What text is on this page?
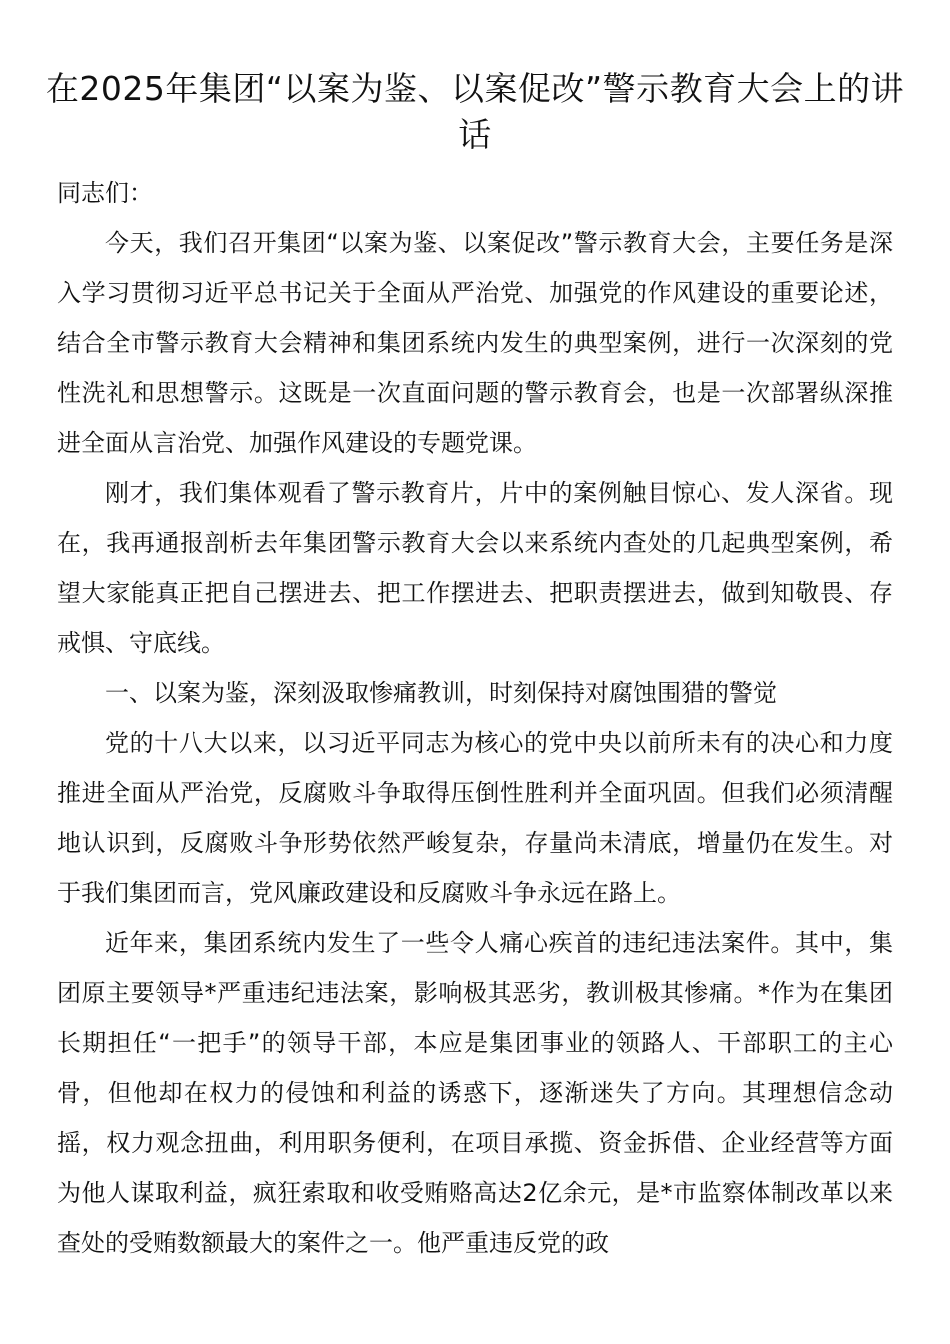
在2025年集团“以案为鉴、以案促改”警示教育大会上的讲话

同志们：

今天，我们召开集团“以案为鉴、以案促改”警示教育大会，主要任务是深入学习贯彻习近平总书记关于全面从严治党、加强党的作风建设的重要论述，结合全市警示教育大会精神和集团系统内发生的典型案例，进行一次深刻的党性洗礼和思想警示。这既是一次直面问题的警示教育会，也是一次部署纵深推进全面从言治党、加强作风建设的专题党课。

刚才，我们集体观看了警示教育片，片中的案例触目惊心、发人深省。现在，我再通报剖析去年集团警示教育大会以来系统内查处的几起典型案例，希望大家能真正把自己摆进去、把工作摆进去、把职责摆进去，做到知敬畏、存戒惧、守底线。

一、以案为鉴，深刻汲取惨痛教训，时刻保持对腐蚀围猎的警觉

党的十八大以来，以习近平同志为核心的党中央以前所未有的决心和力度推进全面从严治党，反腐败斗争取得压倒性胜利并全面巩固。但我们必须清醒地认识到，反腐败斗争形势依然严峻复杂，存量尚未清底，增量仍在发生。对于我们集团而言，党风廉政建设和反腐败斗争永远在路上。

近年来，集团系统内发生了一些令人痛心疾首的违纪违法案件。其中，集团原主要领导*严重违纪违法案，影响极其恶劣，教训极其惨痛。*作为在集团长期担任“一把手”的领导干部，本应是集团事业的领路人、干部职工的主心骨，但他却在权力的侵蚀和利益的诱惑下，逐渐迷失了方向。其理想信念动摇，权力观念扭曲，利用职务便利，在项目承揽、资金拆借、企业经营等方面为他人谋取利益，疯狂索取和收受贿赂高达2亿余元，是*市监察体制改革以来查处的受贿数额最大的案件之一。他严重违反党的政
